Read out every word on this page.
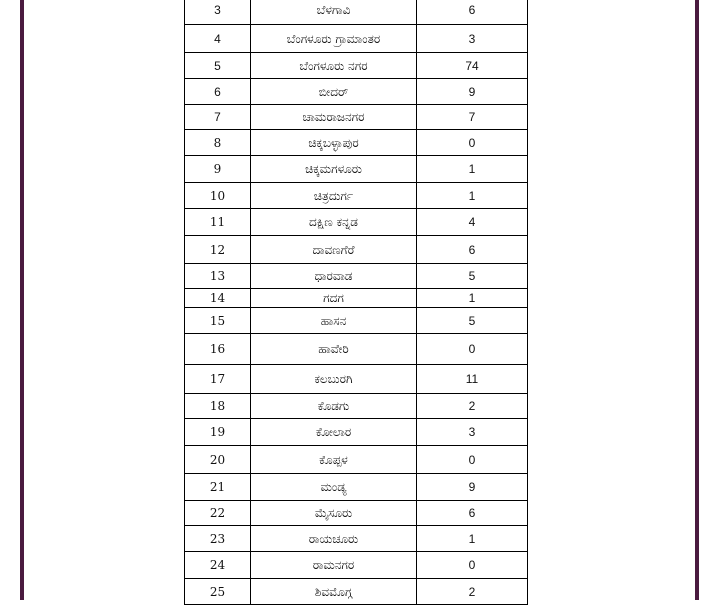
3	ಬೆಳಗಾವಿ	6
4	ಬೆಂಗಳೂರು ಗ್ರಾಮಾಂತರ	3
5	ಬೆಂಗಳೂರು ನಗರ	74
6	ಬೀದರ್	9
7	ಚಾಮರಾಜನಗರ	7
8	ಚಿಕ್ಕಬಳ್ಳಾಪುರ	0
9	ಚಿಕ್ಕಮಗಳೂರು	1
10	ಚಿತ್ರದುರ್ಗ	1
11	ದಕ್ಷಿಣ ಕನ್ನಡ	4
12	ದಾವಣಗೆರೆ	6
13	ಧಾರವಾಡ	5
14	ಗದಗ	1
15	ಹಾಸನ	5
16	ಹಾವೇರಿ	0
17	ಕಲಬುರಗಿ	11
18	ಕೊಡಗು	2
19	ಕೋಲಾರ	3
20	ಕೊಪ್ಪಳ	0
21	ಮಂಡ್ಯ	9
22	ಮೈಸೂರು	6
23	ರಾಯಚೂರು	1
24	ರಾಮನಗರ	0
25	ಶಿವಮೊಗ್ಗ	2
